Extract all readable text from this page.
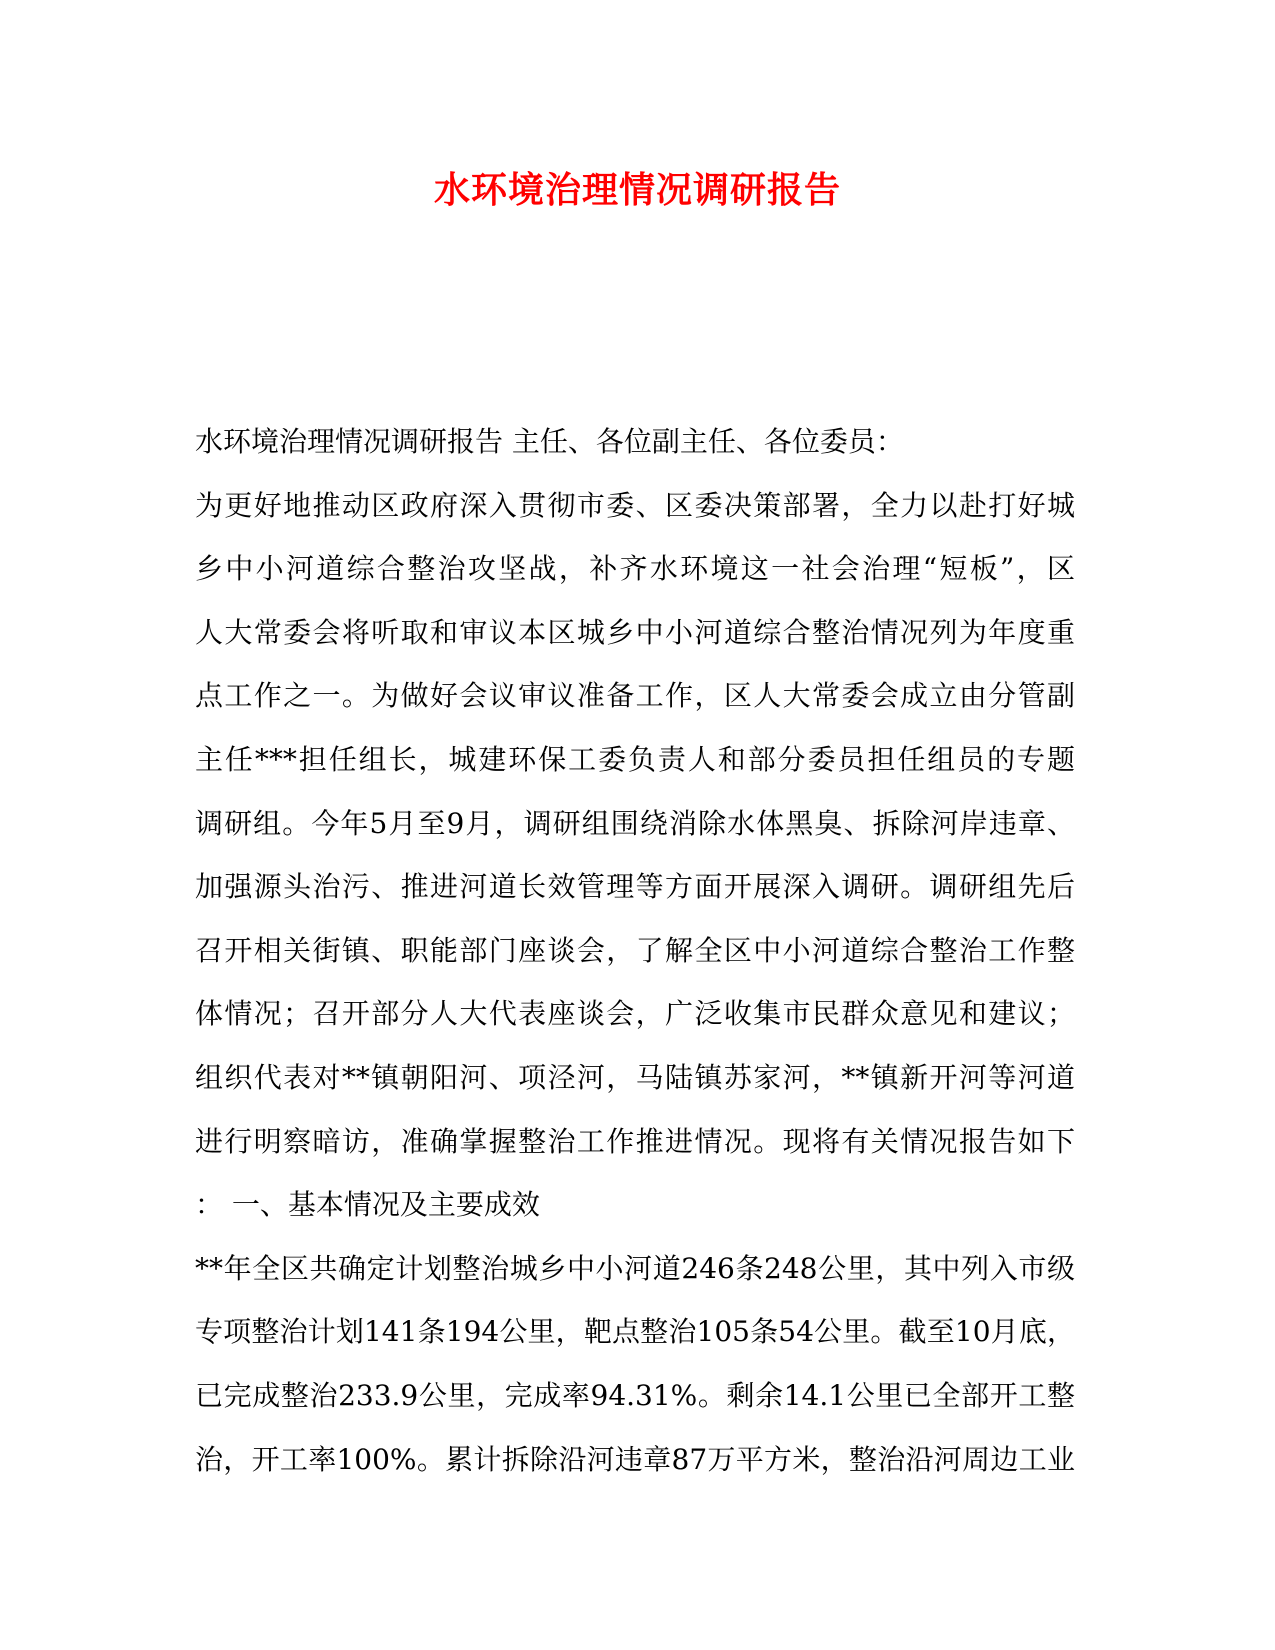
水环境治理情况调研报告
水环境治理情况调研报告 主任、各位副主任、各位委员：
为更好地推动区政府深入贯彻市委、区委决策部署，全力以赴打好城
乡中小河道综合整治攻坚战，补齐水环境这一社会治理“短板”，区
人大常委会将听取和审议本区城乡中小河道综合整治情况列为年度重
点工作之一。为做好会议审议准备工作，区人大常委会成立由分管副
主任***担任组长，城建环保工委负责人和部分委员担任组员的专题
调研组。今年5月至9月，调研组围绕消除水体黑臭、拆除河岸违章、
加强源头治污、推进河道长效管理等方面开展深入调研。调研组先后
召开相关街镇、职能部门座谈会，了解全区中小河道综合整治工作整
体情况；召开部分人大代表座谈会，广泛收集市民群众意见和建议；
组织代表对**镇朝阳河、项泾河，马陆镇苏家河，**镇新开河等河道
进行明察暗访，准确掌握整治工作推进情况。现将有关情况报告如下
： 一、基本情况及主要成效
**年全区共确定计划整治城乡中小河道246条248公里，其中列入市级
专项整治计划141条194公里，靶点整治105条54公里。截至10月底，
已完成整治233.9公里，完成率94.31%。剩余14.1公里已全部开工整
治，开工率100%。累计拆除沿河违章87万平方米，整治沿河周边工业
